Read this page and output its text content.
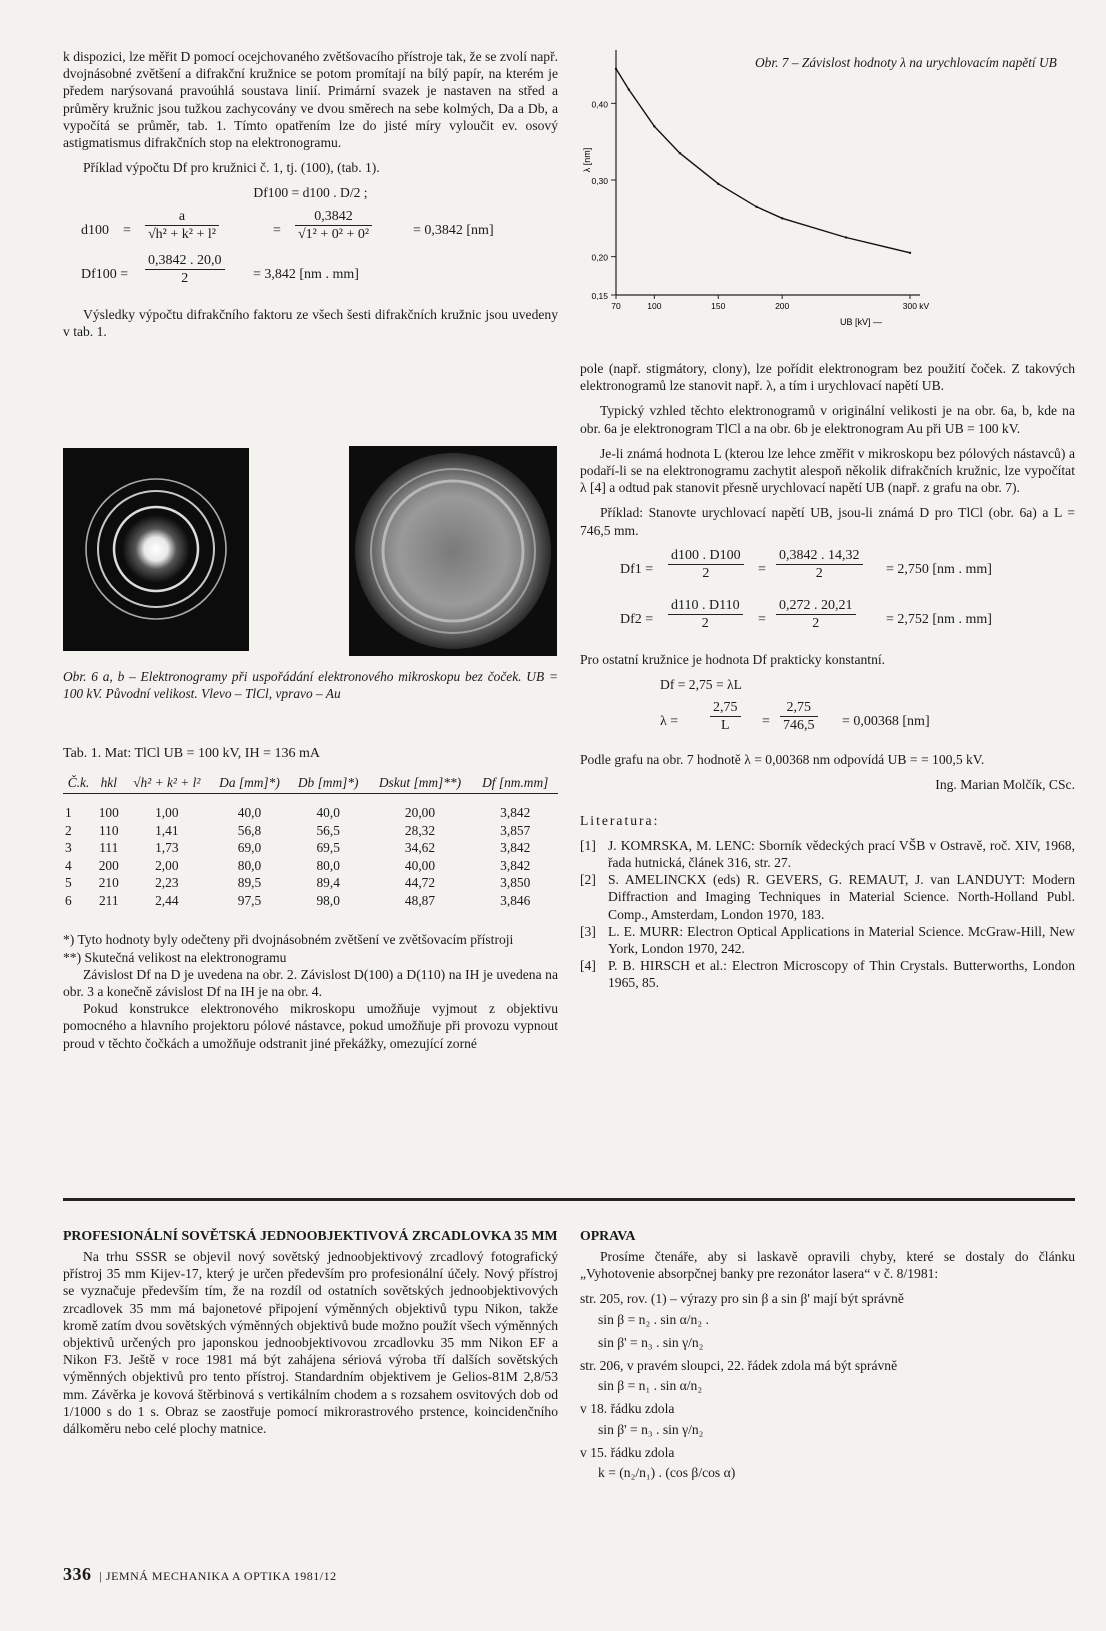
k dispozici, lze měřit D pomocí ocejchovaného zvětšovacího přístroje tak, že se zvolí např. dvojnásobné zvětšení a difrakční kružnice se potom promítají na bílý papír, na kterém je předem narýsovaná pravoúhlá soustava linií. Primární svazek je nastaven na střed a průměry kružnic jsou tužkou zachycovány ve dvou směrech na sebe kolmých, Da a Db, a vypočítá se průměr, tab. 1. Tímto opatřením lze do jisté míry vyloučit ev. osový astigmatismus difrakčních stop na elektronogramu.

Příklad výpočtu Df pro kružnici č. 1, tj. (100), (tab. 1).

Df100 = d100 . D/2 ;
$d100 = \frac{a}{\text{√h² + k² + l²}}$	= $\frac{0,3842}{\text{√1² + 0² + 0²}}$	= 0,3842 [nm]
$Df100 = \frac{0,3842 . 20,0}{2} = 3,842$ [nm . mm]

Výsledky výpočtu difrakčního faktoru ze všech šesti difrakčních kružnic jsou uvedeny v tab. 1.

Obr. 6 a, b – Elektronogramy při uspořádání elektronového mikroskopu bez čoček. UB = 100 kV. Původní velikost. Vlevo – TlCl, vpravo – Au
Tab. 1. Mat: TlCl UB = 100 kV, IH = 136 mA
Č.k.	hkl	√h² + k² + l²	Da [mm]*)	Db [mm]*)	Dskut [mm]**)	Df [nm.mm]
1	100	1,00	40,0	40,0	20,00	3,842
2	110	1,41	56,8	56,5	28,32	3,857
3	111	1,73	69,0	69,5	34,62	3,842
4	200	2,00	80,0	80,0	40,00	3,842
5	210	2,23	89,5	89,4	44,72	3,850
6	211	2,44	97,5	98,0	48,87	3,846
*) Tyto hodnoty byly odečteny při dvojnásobném zvětšení ve zvětšovacím přístroji
**) Skutečná velikost na elektronogramu

Závislost Df na D je uvedena na obr. 2. Závislost D(100) a D(110) na IH je uvedena na obr. 3 a konečně závislost Df na IH je na obr. 4.

Pokud konstrukce elektronového mikroskopu umožňuje vyjmout z objektivu pomocného a hlavního projektoru pólové nástavce, pokud umožňuje při provozu vypnout proud v těchto čočkách a umožňuje odstranit jiné překážky, omezující zorné

0,40
0,30
0,20
0,15
70	100	150	200	300 kV
λ [nm]
UB [kV] —
Obr. 7 – Závislost hodnoty λ na urychlovacím napětí UB

pole (např. stigmátory, clony), lze pořídit elektronogram bez použití čoček. Z takových elektronogramů lze stanovit např. λ, a tím i urychlovací napětí UB.

Typický vzhled těchto elektronogramů v originální velikosti je na obr. 6a, b, kde na obr. 6a je elektronogram TlCl a na obr. 6b je elektronogram Au při UB = 100 kV.

Je-li známá hodnota L (kterou lze lehce změřit v mikroskopu bez pólových nástavců) a podaří-li se na elektronogramu zachytit alespoň několik difrakčních kružnic, lze vypočítat λ [4] a odtud pak stanovit přesně urychlovací napětí UB (např. z grafu na obr. 7).

Příklad: Stanovte urychlovací napětí UB, jsou-li známá D pro TlCl (obr. 6a) a L = 746,5 mm.

$Df1 = \frac{d100 . D100}{2} = \frac{0,3842 . 14,32}{2} = 2,750$ [nm . mm]
$Df2 = \frac{d110 . D110}{2} = \frac{0,272 . 20,21}{2} = 2,752$ [nm . mm]

Pro ostatní kružnice je hodnota Df prakticky konstantní.

Df = 2,75 = λL
$\lambda = \frac{2,75}{L} = \frac{2,75}{746,5} = 0,00368$ [nm]

Podle grafu na obr. 7 hodnotě λ = 0,00368 nm odpovídá UB = = 100,5 kV.

Ing. Marian Molčík, CSc.
Literatura:
[1] J. KOMRSKA, M. LENC: Sborník vědeckých prací VŠB v Ostravě, roč. XIV, 1968, řada hutnická, článek 316, str. 27.
[2] S. AMELINCKX (eds) R. GEVERS, G. REMAUT, J. van LANDUYT: Modern Diffraction and Imaging Techniques in Material Science. North-Holland Publ. Comp., Amsterdam, London 1970, 183.
[3] L. E. MURR: Electron Optical Applications in Material Science. McGraw-Hill, New York, London 1970, 242.
[4] P. B. HIRSCH et al.: Electron Microscopy of Thin Crystals. Butterworths, London 1965, 85.
PROFESIONÁLNÍ SOVĚTSKÁ JEDNOOBJEKTIVOVÁ ZRCADLOVKA 35 MM

Na trhu SSSR se objevil nový sovětský jednoobjektivový zrcadlový fotografický přístroj 35 mm Kijev-17, který je určen především pro profesionální účely. Nový přístroj se vyznačuje především tím, že na rozdíl od ostatních sovětských jednoobjektivových zrcadlovek 35 mm má bajonetové připojení výměnných objektivů typu Nikon, takže kromě zatím dvou sovětských výměnných objektivů bude možno použít všech výměnných objektivů určených pro japonskou jednoobjektivovou zrcadlovku 35 mm Nikon EF a Nikon F3. Ještě v roce 1981 má být zahájena sériová výroba tří dalších sovětských výměnných objektivů pro tento přístroj. Standardním objektivem je Gelios-81M 2,8/53 mm. Závěrka je kovová štěrbinová s vertikálním chodem a s rozsahem osvitových dob od 1/1000 s do 1 s. Obraz se zaostřuje pomocí mikrorastrového prstence, koincidenčního dálkoměru nebo celé plochy matnice.

OPRAVA

Prosíme čtenáře, aby si laskavě opravili chyby, které se dostaly do článku „Vyhotovenie absorpčnej banky pre rezonátor lasera“ v č. 8/1981:

str. 205, rov. (1) – výrazy pro sin β a sin β' mají být správně
sin β = n₂ . sin α/n₂ .
sin β' = n₃ . sin γ/n₂
str. 206, v pravém sloupci, 22. řádek zdola má být správně
sin β = n₁ . sin α/n₂
v 18. řádku zdola
sin β' = n₃ . sin γ/n₂
v 15. řádku zdola
k = (n₂/n₁) . (cos β/cos α)
336 | JEMNÁ MECHANIKA A OPTIKA 1981/12
